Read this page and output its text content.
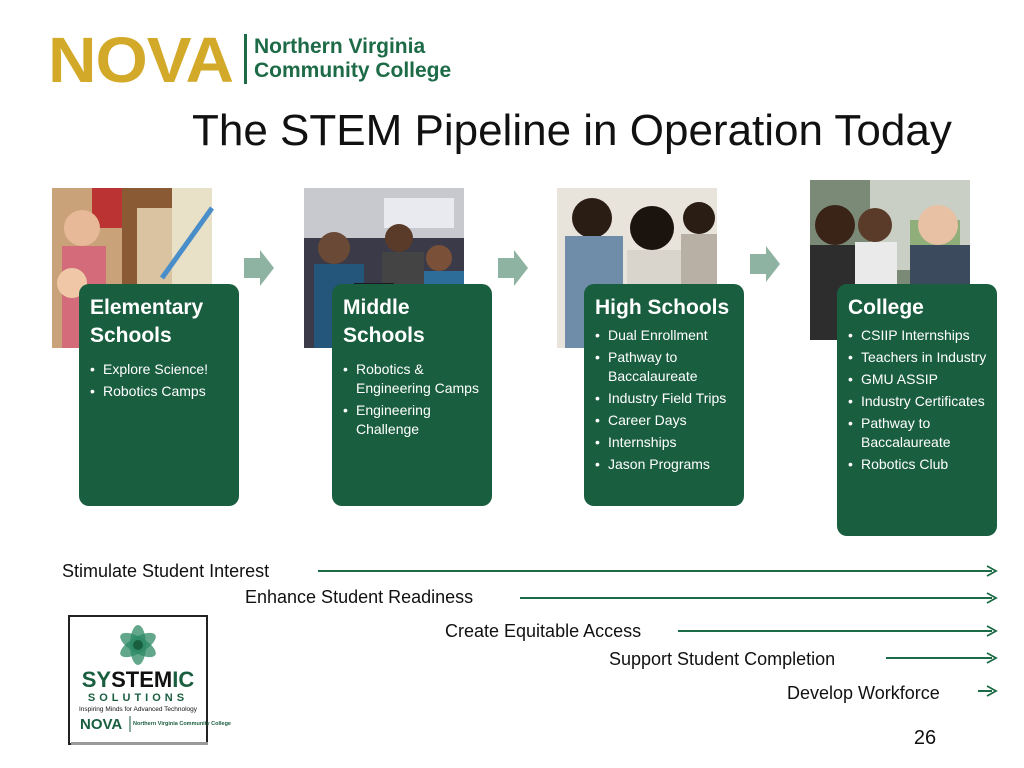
NOVA Northern Virginia
Community College
The STEM Pipeline in Operation Today
Elementary Schools
• Explore Science!
• Robotics Camps
Middle Schools
• Robotics & Engineering Camps
• Engineering Challenge
High Schools
• Dual Enrollment
• Pathway to Baccalaureate
• Industry Field Trips
• Career Days
• Internships
• Jason Programs
College
• CSIIP Internships
• Teachers in Industry
• GMU ASSIP
• Industry Certificates
• Pathway to Baccalaureate
• Robotics Club
Stimulate Student Interest
Enhance Student Readiness
Create Equitable Access
Support Student Completion
Develop Workforce
SYSTEMIC
SOLUTIONS
Inspiring Minds for Advanced Technology
NOVA Northern Virginia Community College
26
